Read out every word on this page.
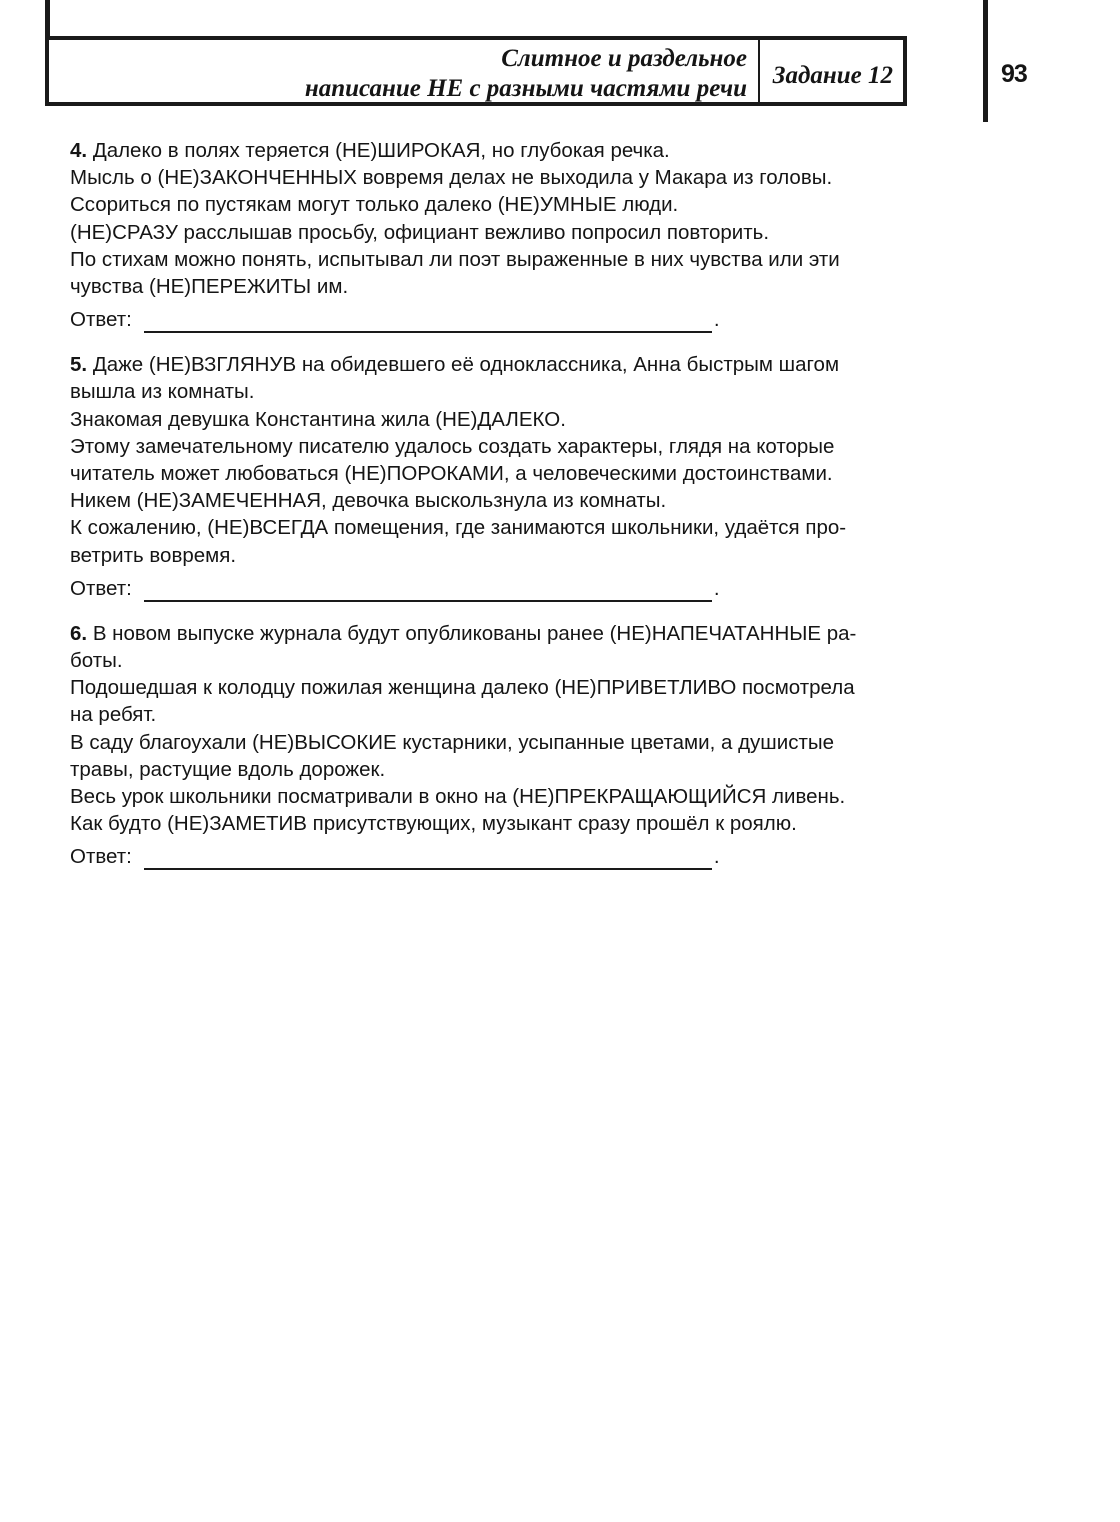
Слитное и раздельное
написание НЕ с разными частями речи Задание 12	93

4. Далеко в полях теряется (НЕ)ШИРОКАЯ, но глубокая речка.

Мысль о (НЕ)ЗАКОНЧЕННЫХ вовремя делах не выходила у Макара из головы.

Ссориться по пустякам могут только далеко (НЕ)УМНЫЕ люди.

(НЕ)СРАЗУ расслышав просьбу, официант вежливо попросил повторить.

По стихам можно понять, испытывал ли поэт выраженные в них чувства или эти

чувства (НЕ)ПЕРЕЖИТЫ им.

Ответ:	.

5. Даже (НЕ)ВЗГЛЯНУВ на обидевшего её одноклассника, Анна быстрым шагом

вышла из комнаты.

Знакомая девушка Константина жила (НЕ)ДАЛЕКО.

Этому замечательному писателю удалось создать характеры, глядя на которые

читатель может любоваться (НЕ)ПОРОКАМИ, а человеческими достоинствами.

Никем (НЕ)ЗАМЕЧЕННАЯ, девочка выскользнула из комнаты.

К сожалению, (НЕ)ВСЕГДА помещения, где занимаются школьники, удаётся про-

ветрить вовремя.

Ответ:	.

6. В новом выпуске журнала будут опубликованы ранее (НЕ)НАПЕЧАТАННЫЕ ра-

боты.

Подошедшая к колодцу пожилая женщина далеко (НЕ)ПРИВЕТЛИВО посмотрела

на ребят.

В саду благоухали (НЕ)ВЫСОКИЕ кустарники, усыпанные цветами, а душистые

травы, растущие вдоль дорожек.

Весь урок школьники посматривали в окно на (НЕ)ПРЕКРАЩАЮЩИЙСЯ ливень.

Как будто (НЕ)ЗАМЕТИВ присутствующих, музыкант сразу прошёл к роялю.

Ответ:	.
